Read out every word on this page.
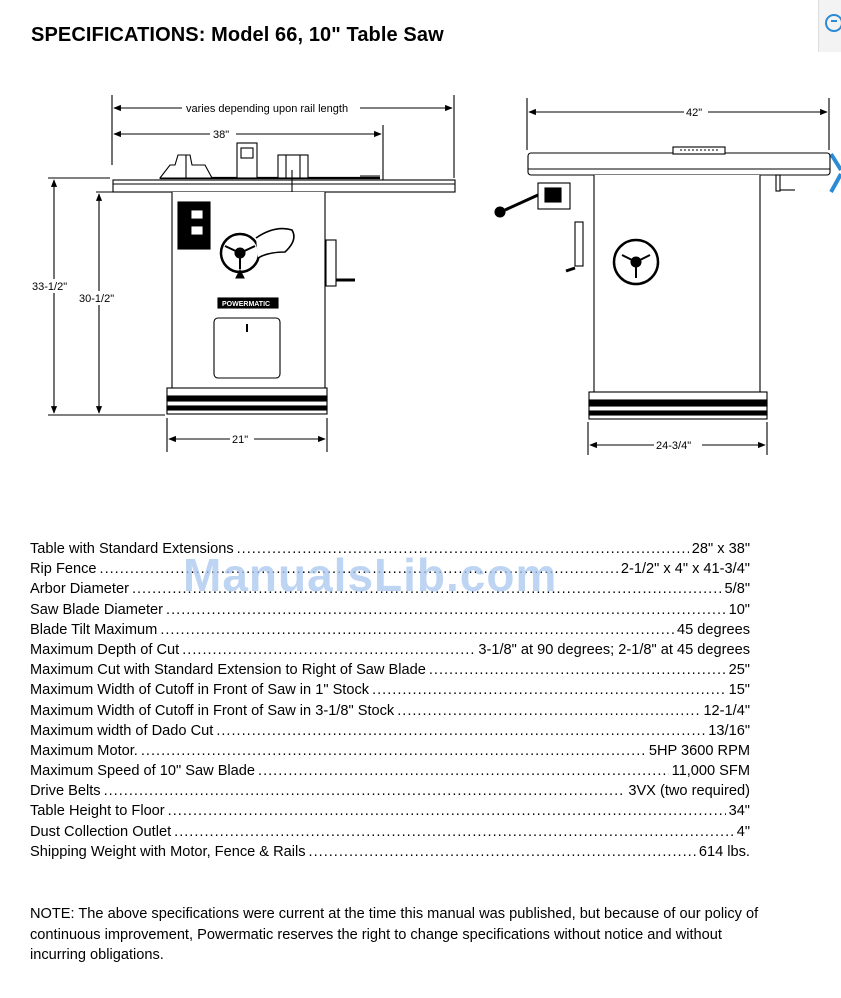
SPECIFICATIONS: Model 66, 10" Table Saw
varies depending upon rail length
38"
42"
33-1/2"
30-1/2"
21"	24-3/4"
POWERMATIC
Table with Standard Extensions .....	28" x 38"
Rip Fence .....	2-1/2" x 4" x 41-3/4"
Arbor Diameter .....	5/8"
Saw Blade Diameter .....	10"
Blade Tilt Maximum .....	45 degrees
Maximum Depth of Cut .....	3-1/8" at 90 degrees; 2-1/8" at 45 degrees
Maximum Cut with Standard Extension to Right of Saw Blade .....	25"
Maximum Width of Cutoff in Front of Saw in 1" Stock .....	15"
Maximum Width of Cutoff in Front of Saw in 3-1/8" Stock .....	12-1/4"
Maximum width of Dado Cut .....	13/16"
Maximum Motor. .....	5HP 3600 RPM
Maximum Speed of 10" Saw Blade .....	11,000 SFM
Drive Belts .....	3VX (two required)
Table Height to Floor .....	34"
Dust Collection Outlet .....	4"
Shipping Weight with Motor, Fence & Rails .....	614 lbs.
ManualsLib.com

NOTE: The above specifications were current at the time this manual was published, but because of our policy of continuous improvement, Powermatic reserves the right to change specifications without notice and without incurring obligations.
